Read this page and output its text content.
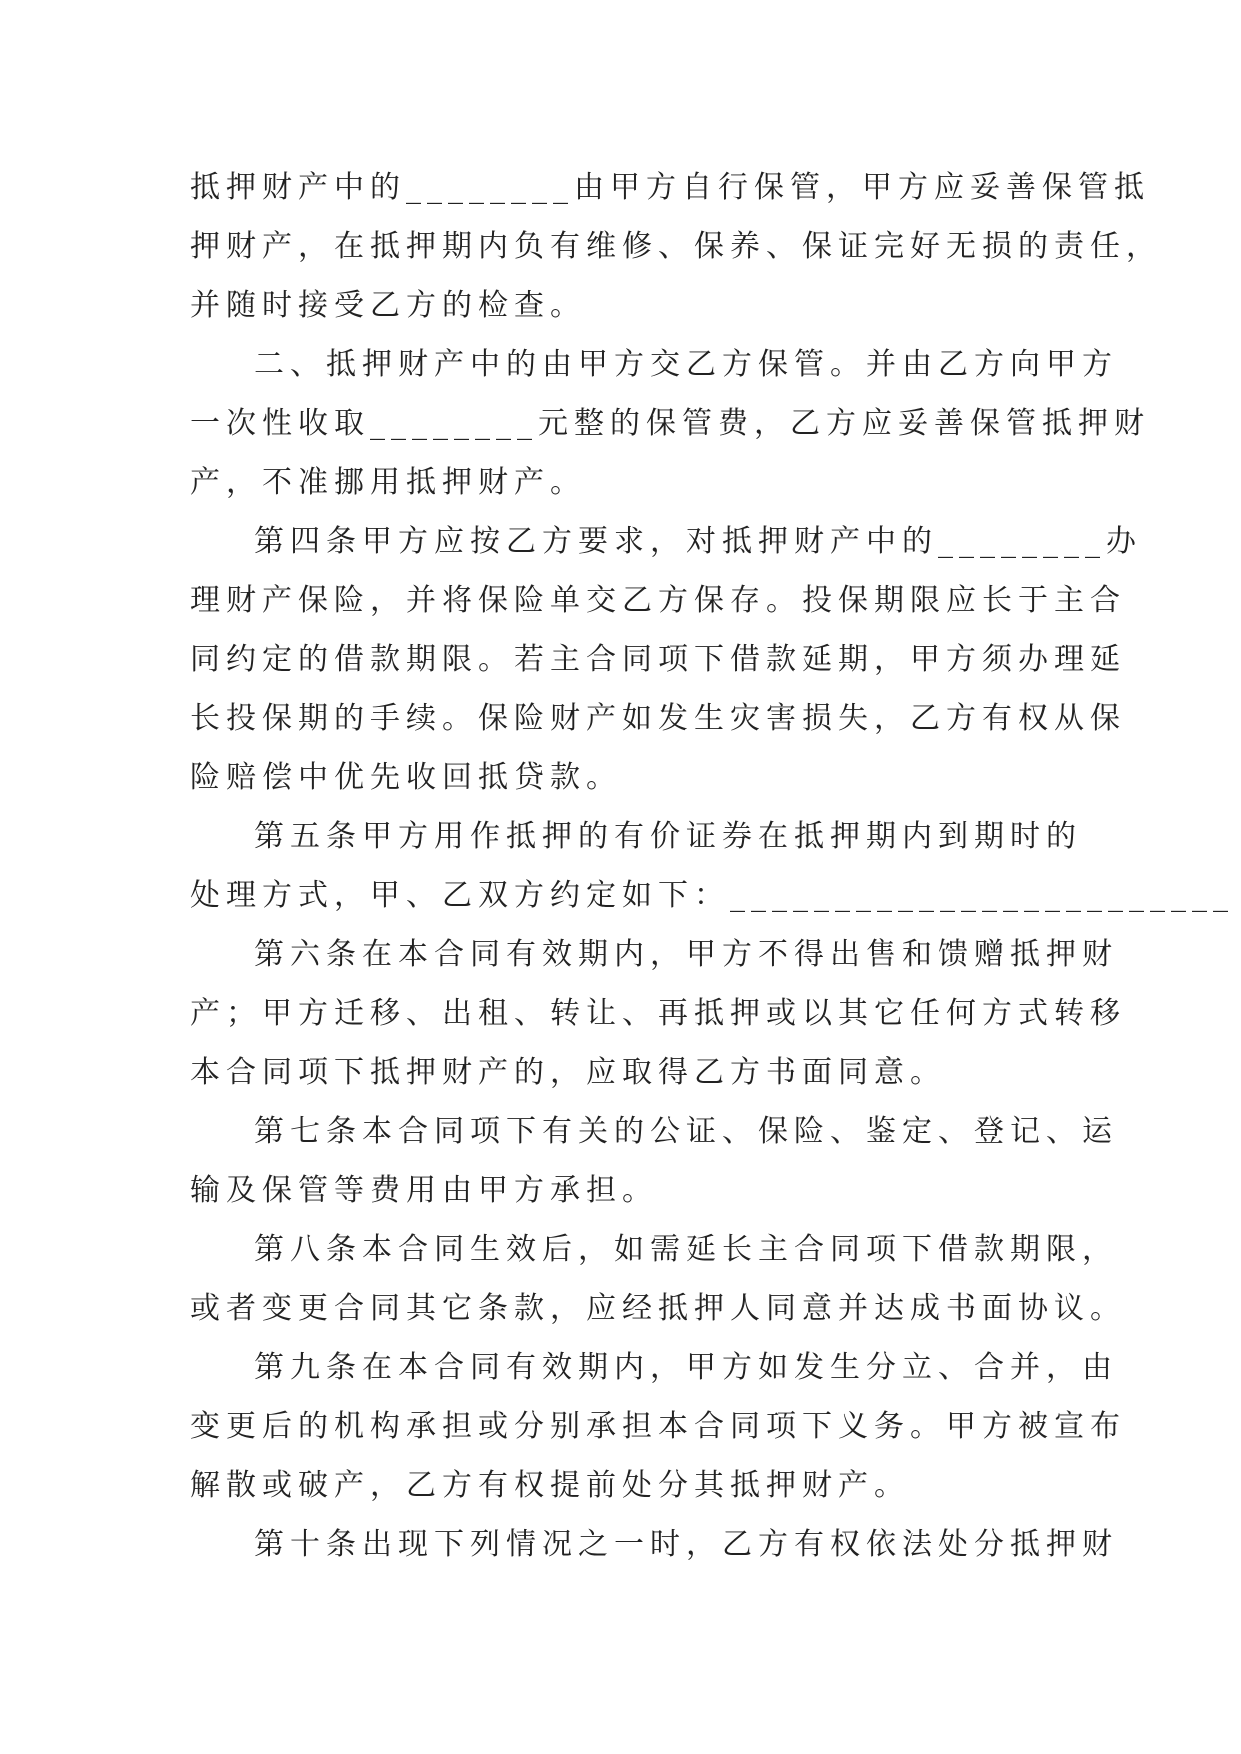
抵押财产中的________由甲方自行保管，甲方应妥善保管抵
押财产，在抵押期内负有维修、保养、保证完好无损的责任，
并随时接受乙方的检查。
二、抵押财产中的由甲方交乙方保管。并由乙方向甲方
一次性收取________元整的保管费，乙方应妥善保管抵押财
产，不准挪用抵押财产。
第四条甲方应按乙方要求，对抵押财产中的________办
理财产保险，并将保险单交乙方保存。投保期限应长于主合
同约定的借款期限。若主合同项下借款延期，甲方须办理延
长投保期的手续。保险财产如发生灾害损失，乙方有权从保
险赔偿中优先收回抵贷款。
第五条甲方用作抵押的有价证券在抵押期内到期时的
处理方式，甲、乙双方约定如下：________________________
第六条在本合同有效期内，甲方不得出售和馈赠抵押财
产；甲方迁移、出租、转让、再抵押或以其它任何方式转移
本合同项下抵押财产的，应取得乙方书面同意。
第七条本合同项下有关的公证、保险、鉴定、登记、运
输及保管等费用由甲方承担。
第八条本合同生效后，如需延长主合同项下借款期限，
或者变更合同其它条款，应经抵押人同意并达成书面协议。
第九条在本合同有效期内，甲方如发生分立、合并，由
变更后的机构承担或分别承担本合同项下义务。甲方被宣布
解散或破产，乙方有权提前处分其抵押财产。
第十条出现下列情况之一时，乙方有权依法处分抵押财
